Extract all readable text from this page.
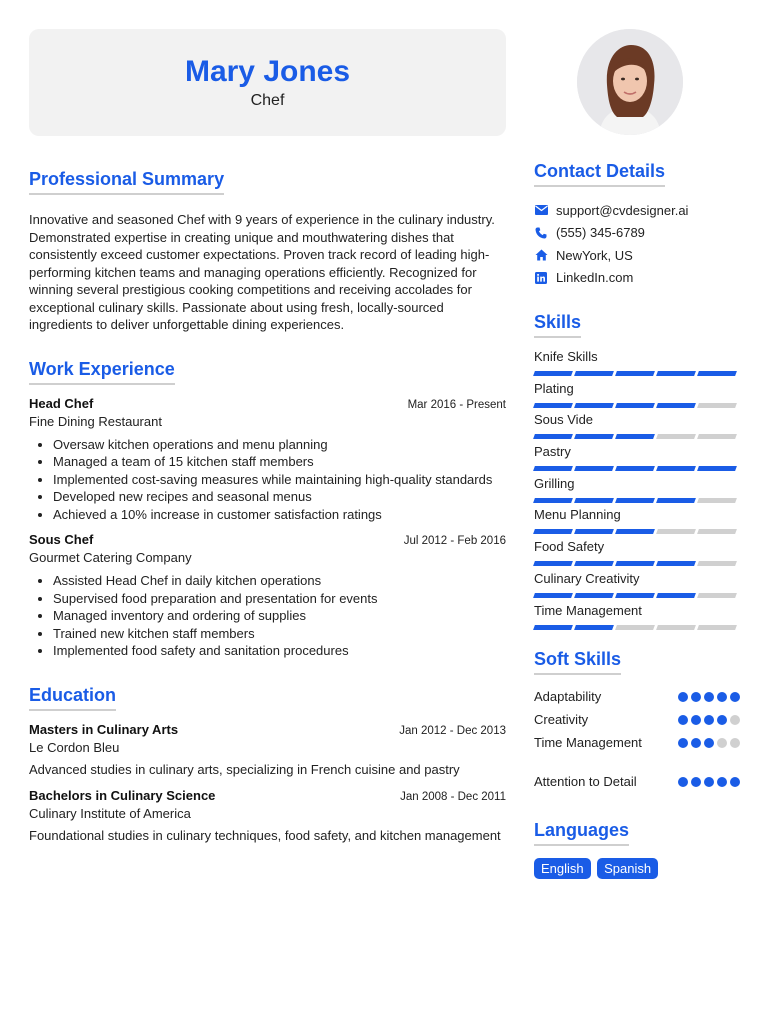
Mary Jones
Chef
Professional Summary

Innovative and seasoned Chef with 9 years of experience in the culinary industry. Demonstrated expertise in creating unique and mouthwatering dishes that consistently exceed customer expectations. Proven track record of leading high-performing kitchen teams and managing operations efficiently. Recognized for winning several prestigious cooking competitions and receiving accolades for exceptional culinary skills. Passionate about using fresh, locally-sourced ingredients to deliver unforgettable dining experiences.

Work Experience
Head Chef	Mar 2016 - Present
Fine Dining Restaurant
• Oversaw kitchen operations and menu planning
• Managed a team of 15 kitchen staff members
• Implemented cost-saving measures while maintaining high-quality standards
• Developed new recipes and seasonal menus
• Achieved a 10% increase in customer satisfaction ratings
Sous Chef	Jul 2012 - Feb 2016
Gourmet Catering Company
• Assisted Head Chef in daily kitchen operations
• Supervised food preparation and presentation for events
• Managed inventory and ordering of supplies
• Trained new kitchen staff members
• Implemented food safety and sanitation procedures
Education
Masters in Culinary Arts	Jan 2012 - Dec 2013
Le Cordon Bleu

Advanced studies in culinary arts, specializing in French cuisine and pastry

Bachelors in Culinary Science	Jan 2008 - Dec 2011
Culinary Institute of America

Foundational studies in culinary techniques, food safety, and kitchen management

Contact Details
support@cvdesigner.ai
(555) 345-6789
NewYork, US
LinkedIn.com
Skills
Knife Skills
Plating
Sous Vide
Pastry
Grilling
Menu Planning
Food Safety
Culinary Creativity
Time Management
Soft Skills
Adaptability
Creativity
Time Management
Attention to Detail
Languages
English Spanish
